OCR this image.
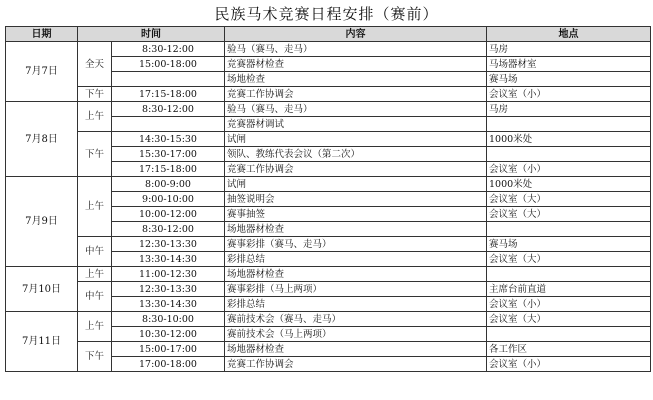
民族马术竞赛日程安排（赛前）
日期	时间		内容	地点
7月7日	全天	8:30-12:00	验马（赛马、走马）	马房
		15:00-18:00	竞赛器材检查	马场器材室
			场地检查	赛马场
	下午	17:15-18:00	竞赛工作协调会	会议室（小）
7月8日	上午	8:30-12:00	验马（赛马、走马）	马房
			竞赛器材调试	
	下午	14:30-15:30	试闸	1000米处
		15:30-17:00	领队、教练代表会议（第二次）	
		17:15-18:00	竞赛工作协调会	会议室（小）
7月9日	上午	8:00-9:00	试闸	1000米处
		9:00-10:00	抽签说明会	会议室（大）
		10:00-12:00	赛事抽签	会议室（大）
		8:30-12:00	场地器材检查	
	中午	12:30-13:30	赛事彩排（赛马、走马）	赛马场
		13:30-14:30	彩排总结	会议室（大）
7月10日	上午	11:00-12:30	场地器材检查	
	中午	12:30-13:30	赛事彩排（马上两项）	主席台前直道
		13:30-14:30	彩排总结	会议室（小）
7月11日	上午	8:30-10:00	赛前技术会（赛马、走马）	会议室（大）
		10:30-12:00	赛前技术会（马上两项）	
	下午	15:00-17:00	场地器材检查	各工作区
		17:00-18:00	竞赛工作协调会	会议室（小）
